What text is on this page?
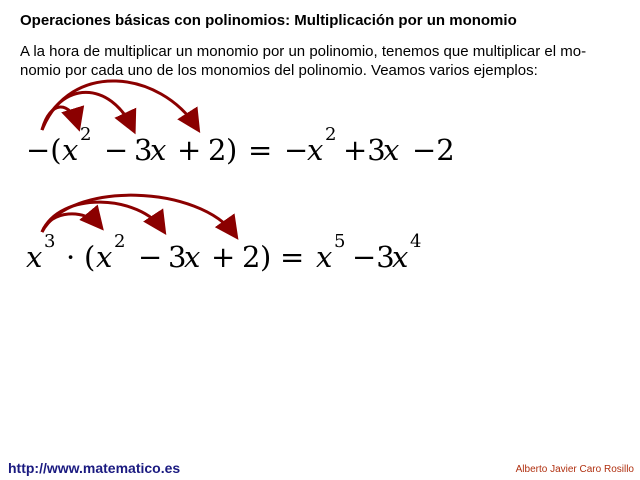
Operaciones básicas con polinomios: Multiplicación por un monomio
A la hora de multiplicar un monomio por un polinomio, tenemos que multiplicar el mo-
nomio por cada uno de los monomios del polinomio. Veamos varios ejemplos:
−( x 2 − 3
x + 2 ) = −
x 2 +3
x −2
x 3 · ( x 2 − 3
x + 2 ) = x 5 −3
x 4
http://www.matematico.es	Alberto Javier Caro Rosillo
